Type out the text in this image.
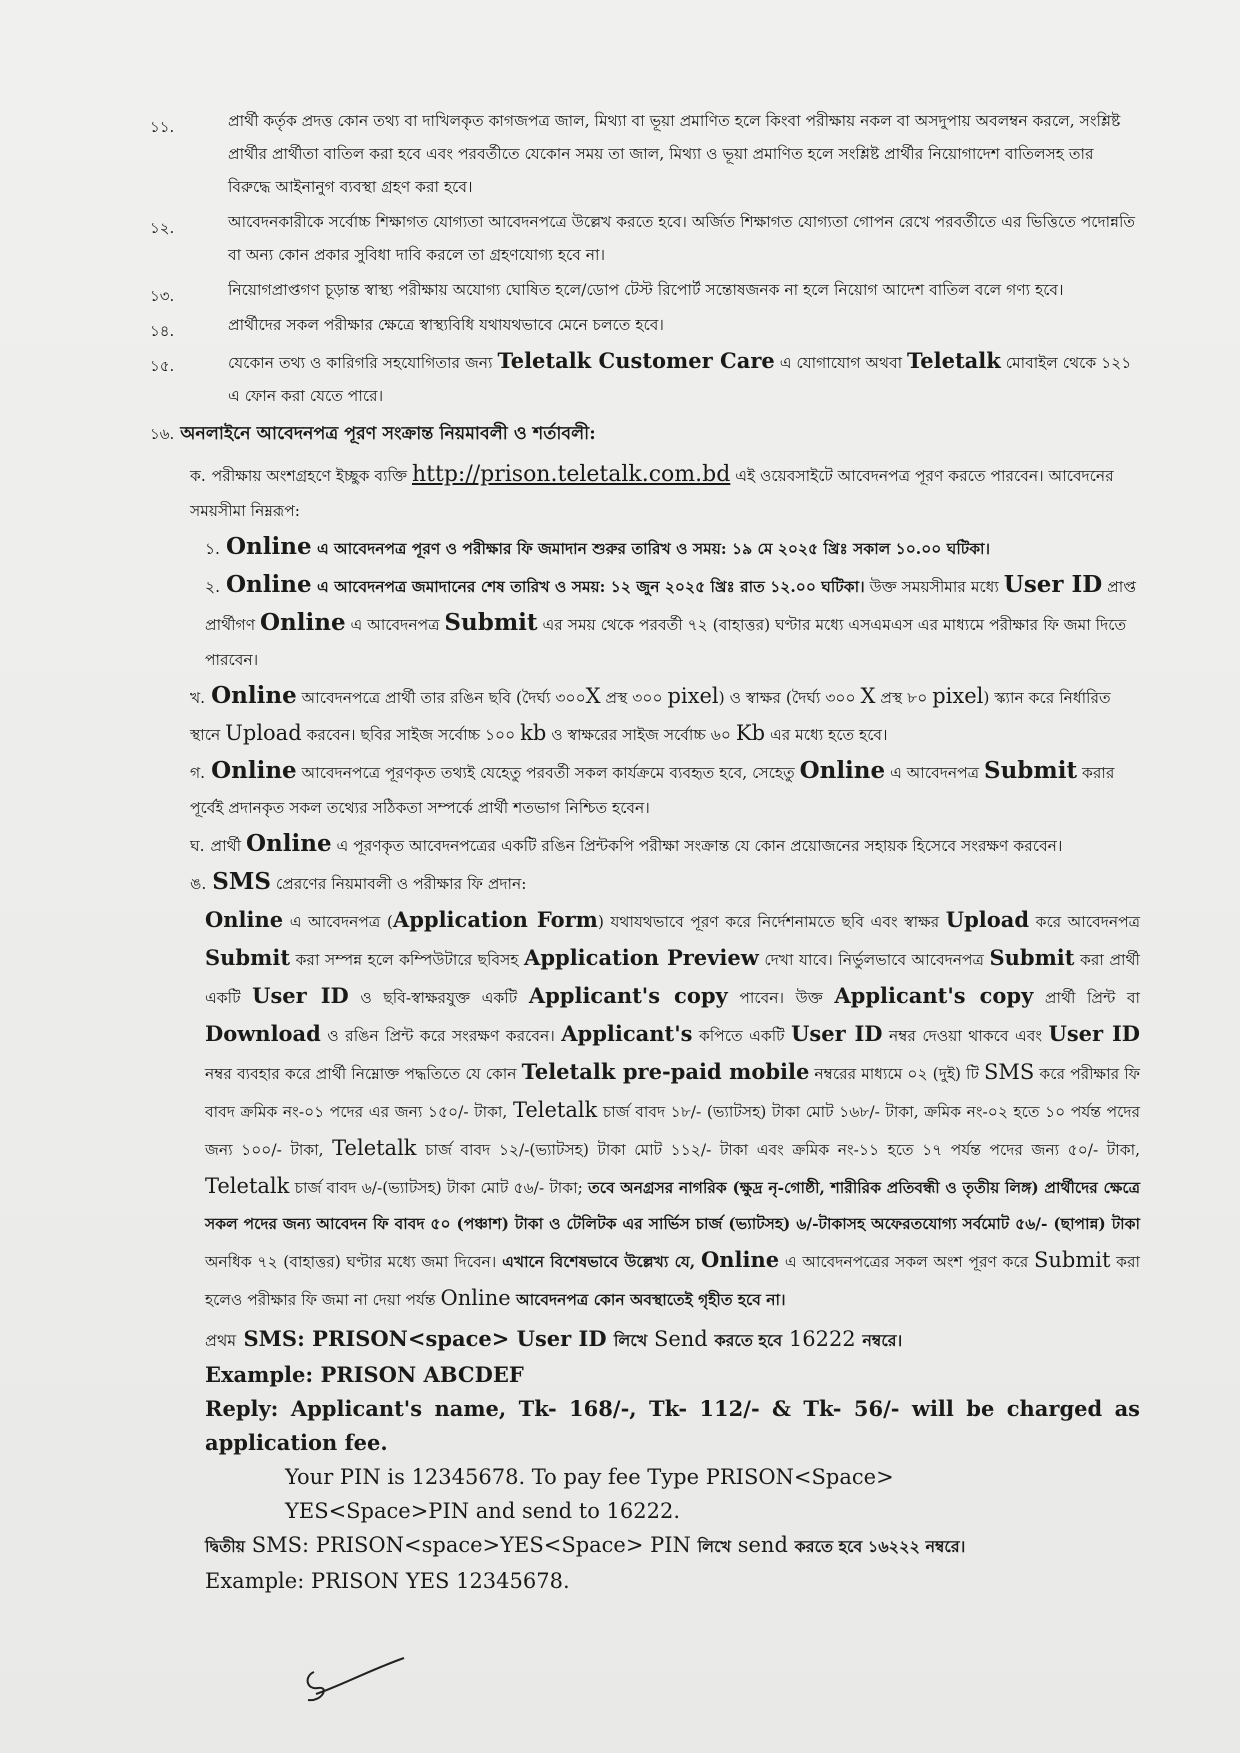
১১.	প্রার্থী কর্তৃক প্রদত্ত কোন তথ্য বা দাখিলকৃত কাগজপত্র জাল, মিথ্যা বা ভূয়া প্রমাণিত হলে কিংবা পরীক্ষায় নকল বা অসদুপায় অবলম্বন করলে, সংশ্লিষ্ট প্রার্থীর প্রার্থীতা বাতিল করা হবে এবং পরবর্তীতে যেকোন সময় তা জাল, মিথ্যা ও ভূয়া প্রমাণিত হলে সংশ্লিষ্ট প্রার্থীর নিয়োগাদেশ বাতিলসহ তার বিরুদ্ধে আইনানুগ ব্যবস্থা গ্রহণ করা হবে।
১২.	আবেদনকারীকে সর্বোচ্চ শিক্ষাগত যোগ্যতা আবেদনপত্রে উল্লেখ করতে হবে। অর্জিত শিক্ষাগত যোগ্যতা গোপন রেখে পরবর্তীতে এর ভিত্তিতে পদোন্নতি বা অন্য কোন প্রকার সুবিধা দাবি করলে তা গ্রহণযোগ্য হবে না।
১৩.	নিয়োগপ্রাপ্তগণ চূড়ান্ত স্বাস্থ্য পরীক্ষায় অযোগ্য ঘোষিত হলে/ডোপ টেস্ট রিপোর্ট সন্তোষজনক না হলে নিয়োগ আদেশ বাতিল বলে গণ্য হবে।
১৪.	প্রার্থীদের সকল পরীক্ষার ক্ষেত্রে স্বাস্থ্যবিধি যথাযথভাবে মেনে চলতে হবে।
১৫.	যেকোন তথ্য ও কারিগরি সহযোগিতার জন্য Teletalk Customer Care এ যোগাযোগ অথবা Teletalk মোবাইল থেকে ১২১ এ ফোন করা যেতে পারে।
১৬. অনলাইনে আবেদনপত্র পূরণ সংক্রান্ত নিয়মাবলী ও শর্তাবলী:
ক. পরীক্ষায় অংশগ্রহণে ইচ্ছুক ব্যক্তি http://prison.teletalk.com.bd এই ওয়েবসাইটে আবেদনপত্র পূরণ করতে পারবেন। আবেদনের সময়সীমা নিম্নরূপ:
১. Online এ আবেদনপত্র পূরণ ও পরীক্ষার ফি জমাদান শুরুর তারিখ ও সময়: ১৯ মে ২০২৫ খ্রিঃ সকাল ১০.০০ ঘটিকা।
২. Online এ আবেদনপত্র জমাদানের শেষ তারিখ ও সময়: ১২ জুন ২০২৫ খ্রিঃ রাত ১২.০০ ঘটিকা। উক্ত সময়সীমার মধ্যে User ID প্রাপ্ত প্রার্থীগণ Online এ আবেদনপত্র Submit এর সময় থেকে পরবর্তী ৭২ (বাহাত্তর) ঘণ্টার মধ্যে এসএমএস এর মাধ্যমে পরীক্ষার ফি জমা দিতে পারবেন।
খ. Online আবেদনপত্রে প্রার্থী তার রঙিন ছবি (দৈর্ঘ্য ৩০০X প্রস্থ ৩০০ pixel) ও স্বাক্ষর (দৈর্ঘ্য ৩০০ X প্রস্থ ৮০ pixel) স্ক্যান করে নির্ধারিত স্থানে Upload করবেন। ছবির সাইজ সর্বোচ্চ ১০০ kb ও স্বাক্ষরের সাইজ সর্বোচ্চ ৬০ Kb এর মধ্যে হতে হবে।
গ. Online আবেদনপত্রে পূরণকৃত তথ্যই যেহেতু পরবর্তী সকল কার্যক্রমে ব্যবহৃত হবে, সেহেতু Online এ আবেদনপত্র Submit করার পূর্বেই প্রদানকৃত সকল তথ্যের সঠিকতা সম্পর্কে প্রার্থী শতভাগ নিশ্চিত হবেন।
ঘ. প্রার্থী Online এ পূরণকৃত আবেদনপত্রের একটি রঙিন প্রিন্টকপি পরীক্ষা সংক্রান্ত যে কোন প্রয়োজনের সহায়ক হিসেবে সংরক্ষণ করবেন।
ঙ. SMS প্রেরণের নিয়মাবলী ও পরীক্ষার ফি প্রদান:
Online এ আবেদনপত্র (Application Form) যথাযথভাবে পূরণ করে নির্দেশনামতে ছবি এবং স্বাক্ষর Upload করে আবেদনপত্র Submit করা সম্পন্ন হলে কম্পিউটারে ছবিসহ Application Preview দেখা যাবে। নির্ভুলভাবে আবেদনপত্র Submit করা প্রার্থী একটি User ID ও ছবি-স্বাক্ষরযুক্ত একটি Applicant's copy পাবেন। উক্ত Applicant's copy প্রার্থী প্রিন্ট বা Download ও রঙিন প্রিন্ট করে সংরক্ষণ করবেন। Applicant's কপিতে একটি User ID নম্বর দেওয়া থাকবে এবং User ID নম্বর ব্যবহার করে প্রার্থী নিম্নোক্ত পদ্ধতিতে যে কোন Teletalk pre-paid mobile নম্বরের মাধ্যমে ০২ (দুই) টি SMS করে পরীক্ষার ফি বাবদ ক্রমিক নং-০১ পদের এর জন্য ১৫০/- টাকা, Teletalk চার্জ বাবদ ১৮/- (ভ্যাটসহ) টাকা মোট ১৬৮/- টাকা, ক্রমিক নং-০২ হতে ১০ পর্যন্ত পদের জন্য ১০০/- টাকা, Teletalk চার্জ বাবদ ১২/-(ভ্যাটসহ) টাকা মোট ১১২/- টাকা এবং ক্রমিক নং-১১ হতে ১৭ পর্যন্ত পদের জন্য ৫০/- টাকা, Teletalk চার্জ বাবদ ৬/-(ভ্যাটসহ) টাকা মোট ৫৬/- টাকা; তবে অনগ্রসর নাগরিক (ক্ষুদ্র নৃ-গোষ্ঠী, শারীরিক প্রতিবন্ধী ও তৃতীয় লিঙ্গ) প্রার্থীদের ক্ষেত্রে সকল পদের জন্য আবেদন ফি বাবদ ৫০ (পঞ্চাশ) টাকা ও টেলিটক এর সার্ভিস চার্জ (ভ্যাটসহ) ৬/-টাকাসহ অফেরতযোগ্য সর্বমোট ৫৬/- (ছাপান্ন) টাকা অনধিক ৭২ (বাহাত্তর) ঘণ্টার মধ্যে জমা দিবেন। এখানে বিশেষভাবে উল্লেখ্য যে, Online এ আবেদনপত্রের সকল অংশ পূরণ করে Submit করা হলেও পরীক্ষার ফি জমা না দেয়া পর্যন্ত Online আবেদনপত্র কোন অবস্থাতেই গৃহীত হবে না।
প্রথম SMS: PRISON<space> User ID লিখে Send করতে হবে 16222 নম্বরে।
Example: PRISON ABCDEF
Reply: Applicant's name, Tk- 168/-, Tk- 112/- & Tk- 56/- will be charged as application fee.
Your PIN is 12345678. To pay fee Type PRISON<Space>
YES<Space>PIN and send to 16222.
দ্বিতীয় SMS: PRISON<space>YES<Space> PIN লিখে send করতে হবে ১৬২২২ নম্বরে।
Example: PRISON YES 12345678.
